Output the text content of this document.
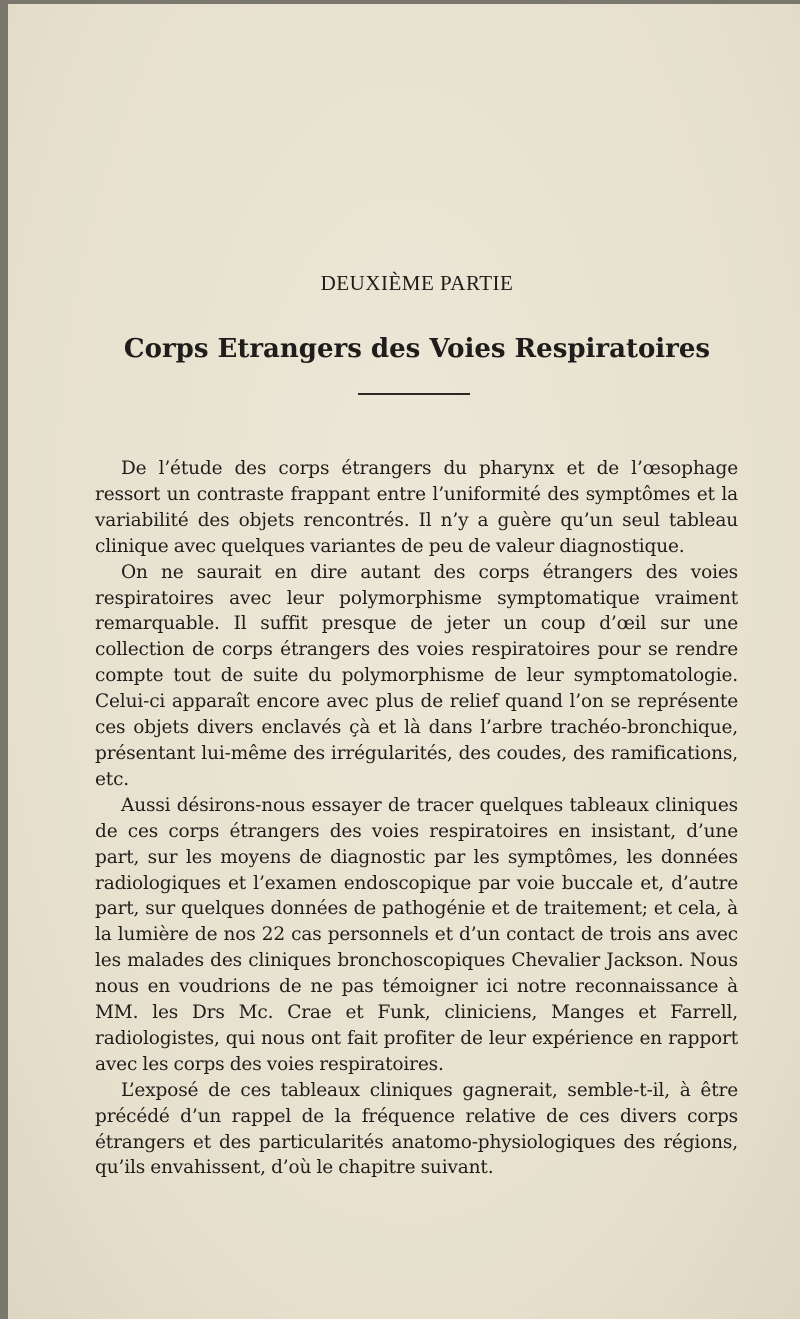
DEUXIÈME PARTIE
Corps Etrangers des Voies Respiratoires

De l’étude des corps étrangers du pharynx et de l’œsophage ressort un contraste frappant entre l’uniformité des symptômes et la variabilité des objets rencontrés. Il n’y a guère qu’un seul tableau clinique avec quelques variantes de peu de valeur diagnostique.

On ne saurait en dire autant des corps étrangers des voies respiratoires avec leur polymorphisme symptomatique vraiment remarquable. Il suffit presque de jeter un coup d’œil sur une collection de corps étrangers des voies respiratoires pour se rendre compte tout de suite du polymorphisme de leur symptomatologie. Celui-ci apparaît encore avec plus de relief quand l’on se représente ces objets divers enclavés çà et là dans l’arbre trachéo-bronchique, présentant lui-même des irrégularités, des coudes, des ramifications, etc.

Aussi désirons-nous essayer de tracer quelques tableaux cliniques de ces corps étrangers des voies respiratoires en insistant, d’une part, sur les moyens de diagnostic par les symptômes, les données radiologiques et l’examen endoscopique par voie buccale et, d’autre part, sur quelques données de pathogénie et de traitement; et cela, à la lumière de nos 22 cas personnels et d’un contact de trois ans avec les malades des cliniques bronchoscopiques Chevalier Jackson. Nous nous en voudrions de ne pas témoigner ici notre reconnaissance à MM. les Drs Mc. Crae et Funk, cliniciens, Manges et Farrell, radiologistes, qui nous ont fait profiter de leur expérience en rapport avec les corps des voies respiratoires.

L’exposé de ces tableaux cliniques gagnerait, semble-t-il, à être précédé d’un rappel de la fréquence relative de ces divers corps étrangers et des particularités anatomo-physiologiques des régions, qu’ils envahissent, d’où le chapitre suivant.
